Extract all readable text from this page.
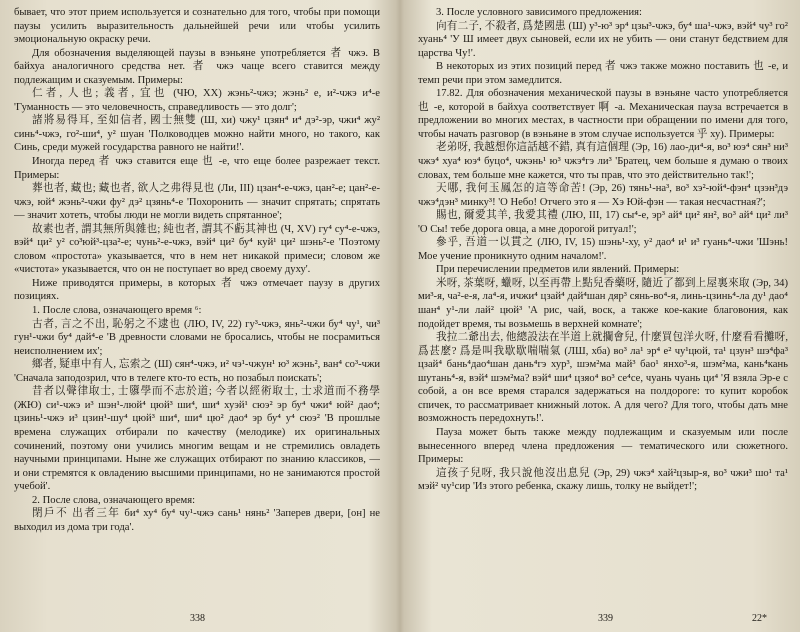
бывает, что этот прием используется и сознательно для того, чтобы при помощи паузы усилить выразительность дальнейшей речи или чтобы усилить эмоциональную окраску речи.

Для обозначения выделяющей паузы в вэньяне употребляется 者 чжэ. В байхуа аналогичного средства нет. 者 чжэ чаще всего ставится между подлежащим и сказуемым. Примеры:

仁者, 人也; 義者, 宜也 (ЧЮ, XX) жэнь²-чжэ; жэнь² е, и²-чжэ и⁴-е 'Гуманность — это человечность, справедливость — это долг';

諸將易得耳, 至如信者, 國士無雙 (Ш, хи) чжу¹ цзян⁴ и⁴ дэ²-эр, чжи⁴ жу² синь⁴-чжэ, го²-ши⁴, у² шуан 'Полководцев можно найти много, но такого, как Синь, среди мужей государства равного не найти!'.

Иногда перед 者 чжэ ставится еще 也 -е, что еще более разрежает текст. Примеры:

葬也者, 藏也; 藏也者, 欲人之弗得見也 (Ли, III) цзан⁴-е-чжэ, цан²-е; цан²-е-чжэ, юй⁴ жэнь²-чжи фу² дэ² цзянь⁴-е 'Похоронить — значит спрятать; спрятать — значит хотеть, чтобы люди не могли видеть спрятанное';

故素也者, 謂其無所與雜也; 純也者, 謂其不虧其神也 (Ч, XV) гу⁴ су⁴-е-чжэ, вэй⁴ ци² у² со³юй³-цза²-е; чунь²-е-чжэ, вэй⁴ ци² бу⁴ куй¹ ци² шэнь²-е 'Поэтому словом «простота» указывается, что в нем нет никакой примеси; словом же «чистота» указывается, что он не поступает во вред своему духу'.

Ниже приводятся примеры, в которых 者 чжэ отмечает паузу в других позициях.

1. После слова, означающего время ⁶:

古者, 言之不出, 恥躬之不逮也 (ЛЮ, IV, 22) гу³-чжэ, янь²-чжи бу⁴ чу¹, чи³ гун¹-чжи бу⁴ дай⁴-е 'В древности словами не бросались, чтобы не посрамиться неисполнением их';

鄉者, 疑車中有人, 忘索之 (Ш) сян⁴-чжэ, и² чэ¹-чжун¹ ю³ жэнь², ван⁴ со³-чжи 'Сначала заподозрил, что в телеге кто-то есть, но позабыл поискать';

昔者以聲律取士, 士隳學而不志於道; 今者以經術取士, 士求道而不務學 (ЖЮ) си¹-чжэ и³ шэн¹-люй⁴ цюй³ ши⁴, ши⁴ хуэй¹ сюэ² эр бу⁴ чжи⁴ юй² дао⁴; цзинь¹-чжэ и³ цзин¹-шу⁴ цюй³ ши⁴, ши⁴ цю² дао⁴ эр бу⁴ у⁴ сюэ² 'В прошлые времена служащих отбирали по качеству (мелодике) их оригинальных сочинений, поэтому они учились многим вещам и не стремились овладеть научными принципами. Ныне же служащих отбирают по знанию классиков, — и они стремятся к овладению высшими принципами, но не занимаются простой учебой'.

2. После слова, означающего время:

閉戶不 出者三年 би⁴ ху⁴ бу⁴ чу¹-чжэ сань¹ нянь² 'Заперев двери, [он] не выходил из дома три года'.

338

3. После условного зависимого предложения:

向有二子, 不殺者, 爲楚國患 (Ш) у³-ю³ эр⁴ цзы³-чжэ, бу⁴ ша¹-чжэ, вэй⁴ чу³ го² хуань⁴ 'У Ш имеет двух сыновей, если их не убить — они станут бедствием для царства Чу!'.

В некоторых из этих позиций перед 者 чжэ также можно поставить 也 -е, и темп речи при этом замедлится.

17.82. Для обозначения механической паузы в вэньяне часто употребляется 也 -е, которой в байхуа соответствует 啊 -а. Механическая пауза встречается в предложении во многих местах, в частности при обращении по имени для того, чтобы начать разговор (в вэньяне в этом случае используется 乎 ху). Примеры:

老弟呀, 我越想你這話越不錯, 真有這個理 (Эр, 16) лао-ди⁴-я, во³ юэ⁴ сян³ ни³ чжэ⁴ хуа⁴ юэ⁴ буцо⁴, чжэнь¹ ю³ чжэ⁴гэ ли³ 'Братец, чем больше я думаю о твоих словах, тем больше мне кажется, что ты прав, что это действительно так!';

天哪, 我何玉鳳怎的這等命苦! (Эр, 26) тянь¹-на³, во³ хэ²-юй⁴-фэн⁴ цзэн³дэ чжэ⁴дэн³ минку³! 'О Небо! Отчего это я — Хэ Юй-фэн — такая несчастная?';

賜也, 爾愛其羊, 我愛其禮 (ЛЮ, III, 17) сы⁴-е, эр³ ай⁴ ци² ян², во³ ай⁴ ци² ли³ 'О Сы! тебе дорога овца, а мне дорогой ритуал!';

參乎, 吾道一以貫之 (ЛЮ, IV, 15) шэнь¹-ху, у² дао⁴ и¹ и³ гуань⁴-чжи 'Шэнь! Мое учение проникнуто одним началом!'.

При перечислении предметов или явлений. Примеры:

米呀, 茶葉呀, 蠟呀, 以至再帶上點兒香藥呀, 隨近了都到上屋裏來取 (Эр, 34) ми³-я, ча²-е-я, ла⁴-я, ичжи⁴ цзай⁴ дай⁴шан дяр³ сянь-во⁴-я, линь-цзинь⁴-ла ду¹ дао⁴ шан⁴ у¹-ли лай² цюй³ 'А рис, чай, воск, а также кое-какие благовония, как подойдет время, ты возьмешь в верхней комнате';

我拉二爺出去, 他總設法在半道上就攔會兒, 什麼買包洋火呀, 什麼看看攤呀, 爲甚麼? 爲是叫我歇歇喘喘氣 (ЛШ, хба) во³ ла¹ эр⁴ е² чу¹цюй, та¹ цзун³ шэ⁴фа³ цзай⁴ бань⁴дао⁴шан дань⁴гэ хур³, шэм²ма май³ бао¹ янхо³-я, шэм²ма, кань⁴кань шутань⁴-я, вэй⁴ шэм²ма? вэй⁴ ши⁴ цзяо⁴ во³ се⁴се, чуань чуань ци⁴ 'Я взяла Эр-е с собой, а он все время старался задержаться на полдороге: то купит коробок спичек, то рассматривает книжный лоток. А для чего? Для того, чтобы дать мне возможность передохнуть!'.

Пауза может быть также между подлежащим и сказуемым или после вынесенного вперед члена предложения — тематического или сюжетного. Примеры:

這孩子兒呀, 我只說他沒出息兒 (Эр, 29) чжэ⁴ хай²цзыр-я, во³ чжи³ шо¹ та¹ мэй² чу¹сир 'Из этого ребенка, скажу лишь, толку не выйдет!';

339	22*
